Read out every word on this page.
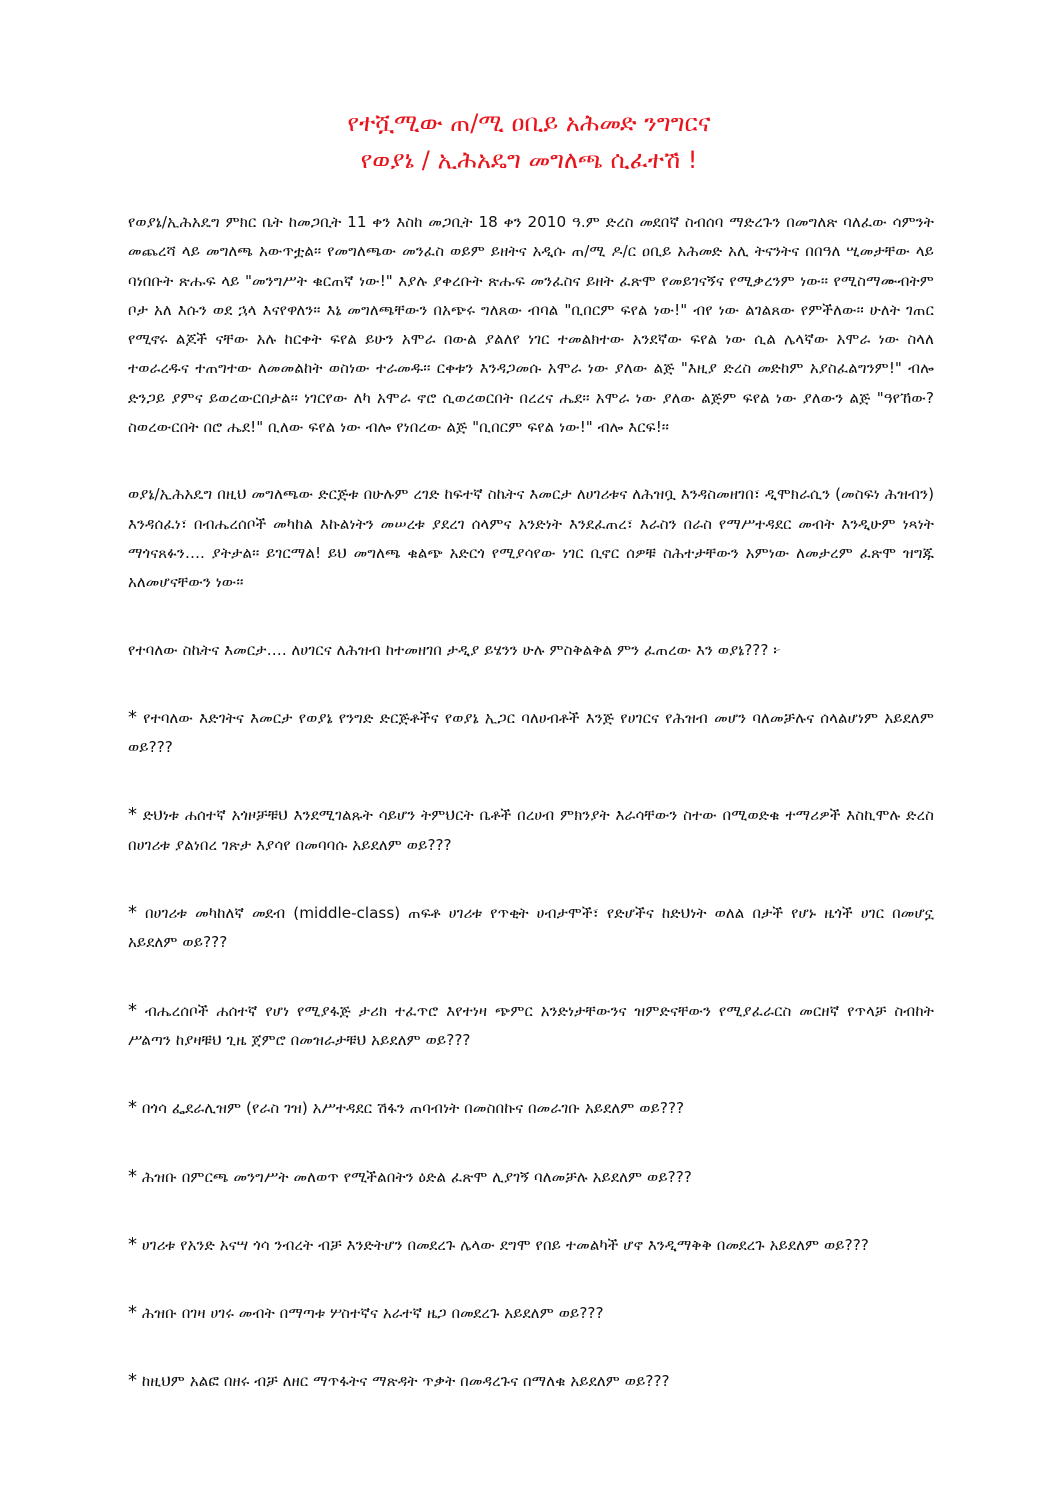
የተሿሚው ጠ/ሚ ዐቢይ አሕመድ ንግግርና
የወያኔ / ኢሕአዴግ መግለጫ ሲፈተሽ !

የወያኔ/ኢሕአዴግ ምክር ቤት ከመጋቢት 11 ቀን እስከ መጋቢት 18 ቀን 2010 ዓ.ም ድረስ መደበኛ ስብሰባ ማድረጉን በመግለጽ ባለፈው ሳምንት መጨረሻ ላይ መግለጫ አውጥቷል፡፡ የመግለጫው መንፈስ ወይም ይዘትና አዲሱ ጠ/ሚ ዶ/ር ዐቢይ አሕመድ አሊ ትናንትና በበዓለ ሢመታቸው ላይ ባነበቡት ጽሑፍ ላይ "መንግሥት ቁርጠኛ ነው!" እያሉ ያቀረቡት ጽሑፍ መንፈስና ይዘት ፈጽሞ የመይገናኝና የሚቃረንም ነው፡፡ የሚስማሙብትም ቦታ አለ እሱን ወደ ኋላ እናየዋለን፡፡ እኔ መግለጫቸውን በአጭሩ ግለጸው ብባል "ቢበርም ፍየል ነው!" ብየ ነው ልገልጸው የምችለው፡፡ ሁለት ገጠር የሚኖሩ ልጆች ናቸው አሉ ከርቀት ፍየል ይሁን አሞራ በውል ያልለየ ነገር ተመልክተው አንደኛው ፍየል ነው ሲል ሌላኛው አሞራ ነው ስላለ ተወራረዱና ተጠግተው ለመመልከት ወስነው ተራመዱ፡፡ ርቀቱን እንዳጋመሱ አሞራ ነው ያለው ልጅ "እዚያ ድረስ መድከም አያስፈልግንም!" ብሎ ድንጋይ ያምና ይወረውርበታል፡፡ ነገርየው ለካ አሞራ ኖሮ ሲወረወርበት በረረና ሔደ፡፡ አሞራ ነው ያለው ልጅም ፍየል ነው ያለውን ልጅ "ዓየኸው? ስወረውርበት በሮ ሔደ!" ቢለው ፍየል ነው ብሎ የነበረው ልጅ "ቢበርም ፍየል ነው!" ብሎ እርፍ!፡፡

ወያኔ/ኢሕአዴግ በዚህ መግለጫው ድርጅቱ በሁሉም ረገድ ከፍተኛ ስኬትና እመርታ ለሀገሪቱና ለሕዝቧ እንዳስመዘገበ፣ ዲሞክራሲን (መስፍነ ሕዝብን) እንዳሰፈነ፣ በብሔረሰቦች መካከል እኩልነትን መሠረቱ ያደረገ ሰላምና አንድነት እንደፈጠረ፣ እራስን በራስ የማሥተዳደር መብት እንዲሁም ነጻነት ማጎናጸፉን…. ያትታል፡፡ ይገርማል! ይህ መግለጫ ቁልጭ አድርጎ የሚያሳየው ነገር ቢኖር ሰዎቹ ስሕተታቸውን አምነው ለመታረም ፈጽሞ ዝግጁ አለመሆናቸውን ነው፡፡

የተባለው ስኬትና እመርታ…. ለሀገርና ለሕዝብ ከተመዘገበ ታዲያ ይሄንን ሁሉ ምስቅልቅል ምን ፈጠረው እን ወያኔ??? ፦

* የተባለው እድገትና እመርታ የወያኔ የንግድ ድርጅቶችና የወያኔ ኢጋር ባለሀብቶች እንጅ የሀገርና የሕዝብ መሆን ባለመቻሉና ሰላልሆነም አይደለም ወይ???

* ድህነቱ ሐሰተኛ አጎዞቻቹህ እንደሚገልጹት ሳይሆን ትምህርት ቤቶች በረሀብ ምክንያት እራሳቸውን ስተው በሚወድቁ ተማሪዎች እስኪሞሉ ድረስ በሀገሪቱ ያልነበረ ገጽታ እያሳየ በመባባሱ አይደለም ወይ???

* በሀገሪቱ መካከለኛ መደብ (middle-class) ጠፍቶ ሀገሪቱ የጥቂት ሀብታሞች፣ የድሆችና ከድህነት ወለል በታች የሆኑ ዜጎች ሀገር በመሆኗ አይደለም ወይ???

* ብሔረሰቦች ሐሰተኛ የሆነ የሚያፋጅ ታሪክ ተፈጥሮ እየተነዛ ጭምር አንድነታቸውንና ዝምድናቸውን የሚያፈራርስ መርዘኛ የጥላቻ ስብከት ሥልጣን ከያዛቹህ ጊዜ ጀምሮ በመዝራታቹህ አይደለም ወይ???

* በጎሳ ፌደራሊዝም (የራስ ገዝ) አሥተዳደር ሽፋን ጠባብነት በመስበኩና በመራገቡ አይደለም ወይ???

* ሕዝቡ በምርጫ መንግሥት መለወጥ የሚችልበትን ዕድል ፈጽሞ ሊያገኝ ባለመቻሉ አይደለም ወይ???

* ሀገሪቱ የአንድ አናሣ ጎሳ ንብረት ብቻ እንድትሆን በመደረጉ ሌላው ደግሞ የበይ ተመልካች ሆኖ እንዲማቅቅ በመደረጉ አይደለም ወይ???

* ሕዝቡ በገዛ ሀገሩ መብት በማጣቱ ሦስተኛና አራተኛ ዜጋ በመደረጉ አይደለም ወይ???

* ከዚህም አልፎ በዘሩ ብቻ ለዘር ማጥፋትና ማጽዳት ጥቃት በመዳረጉና በማለቁ አይደለም ወይ???
